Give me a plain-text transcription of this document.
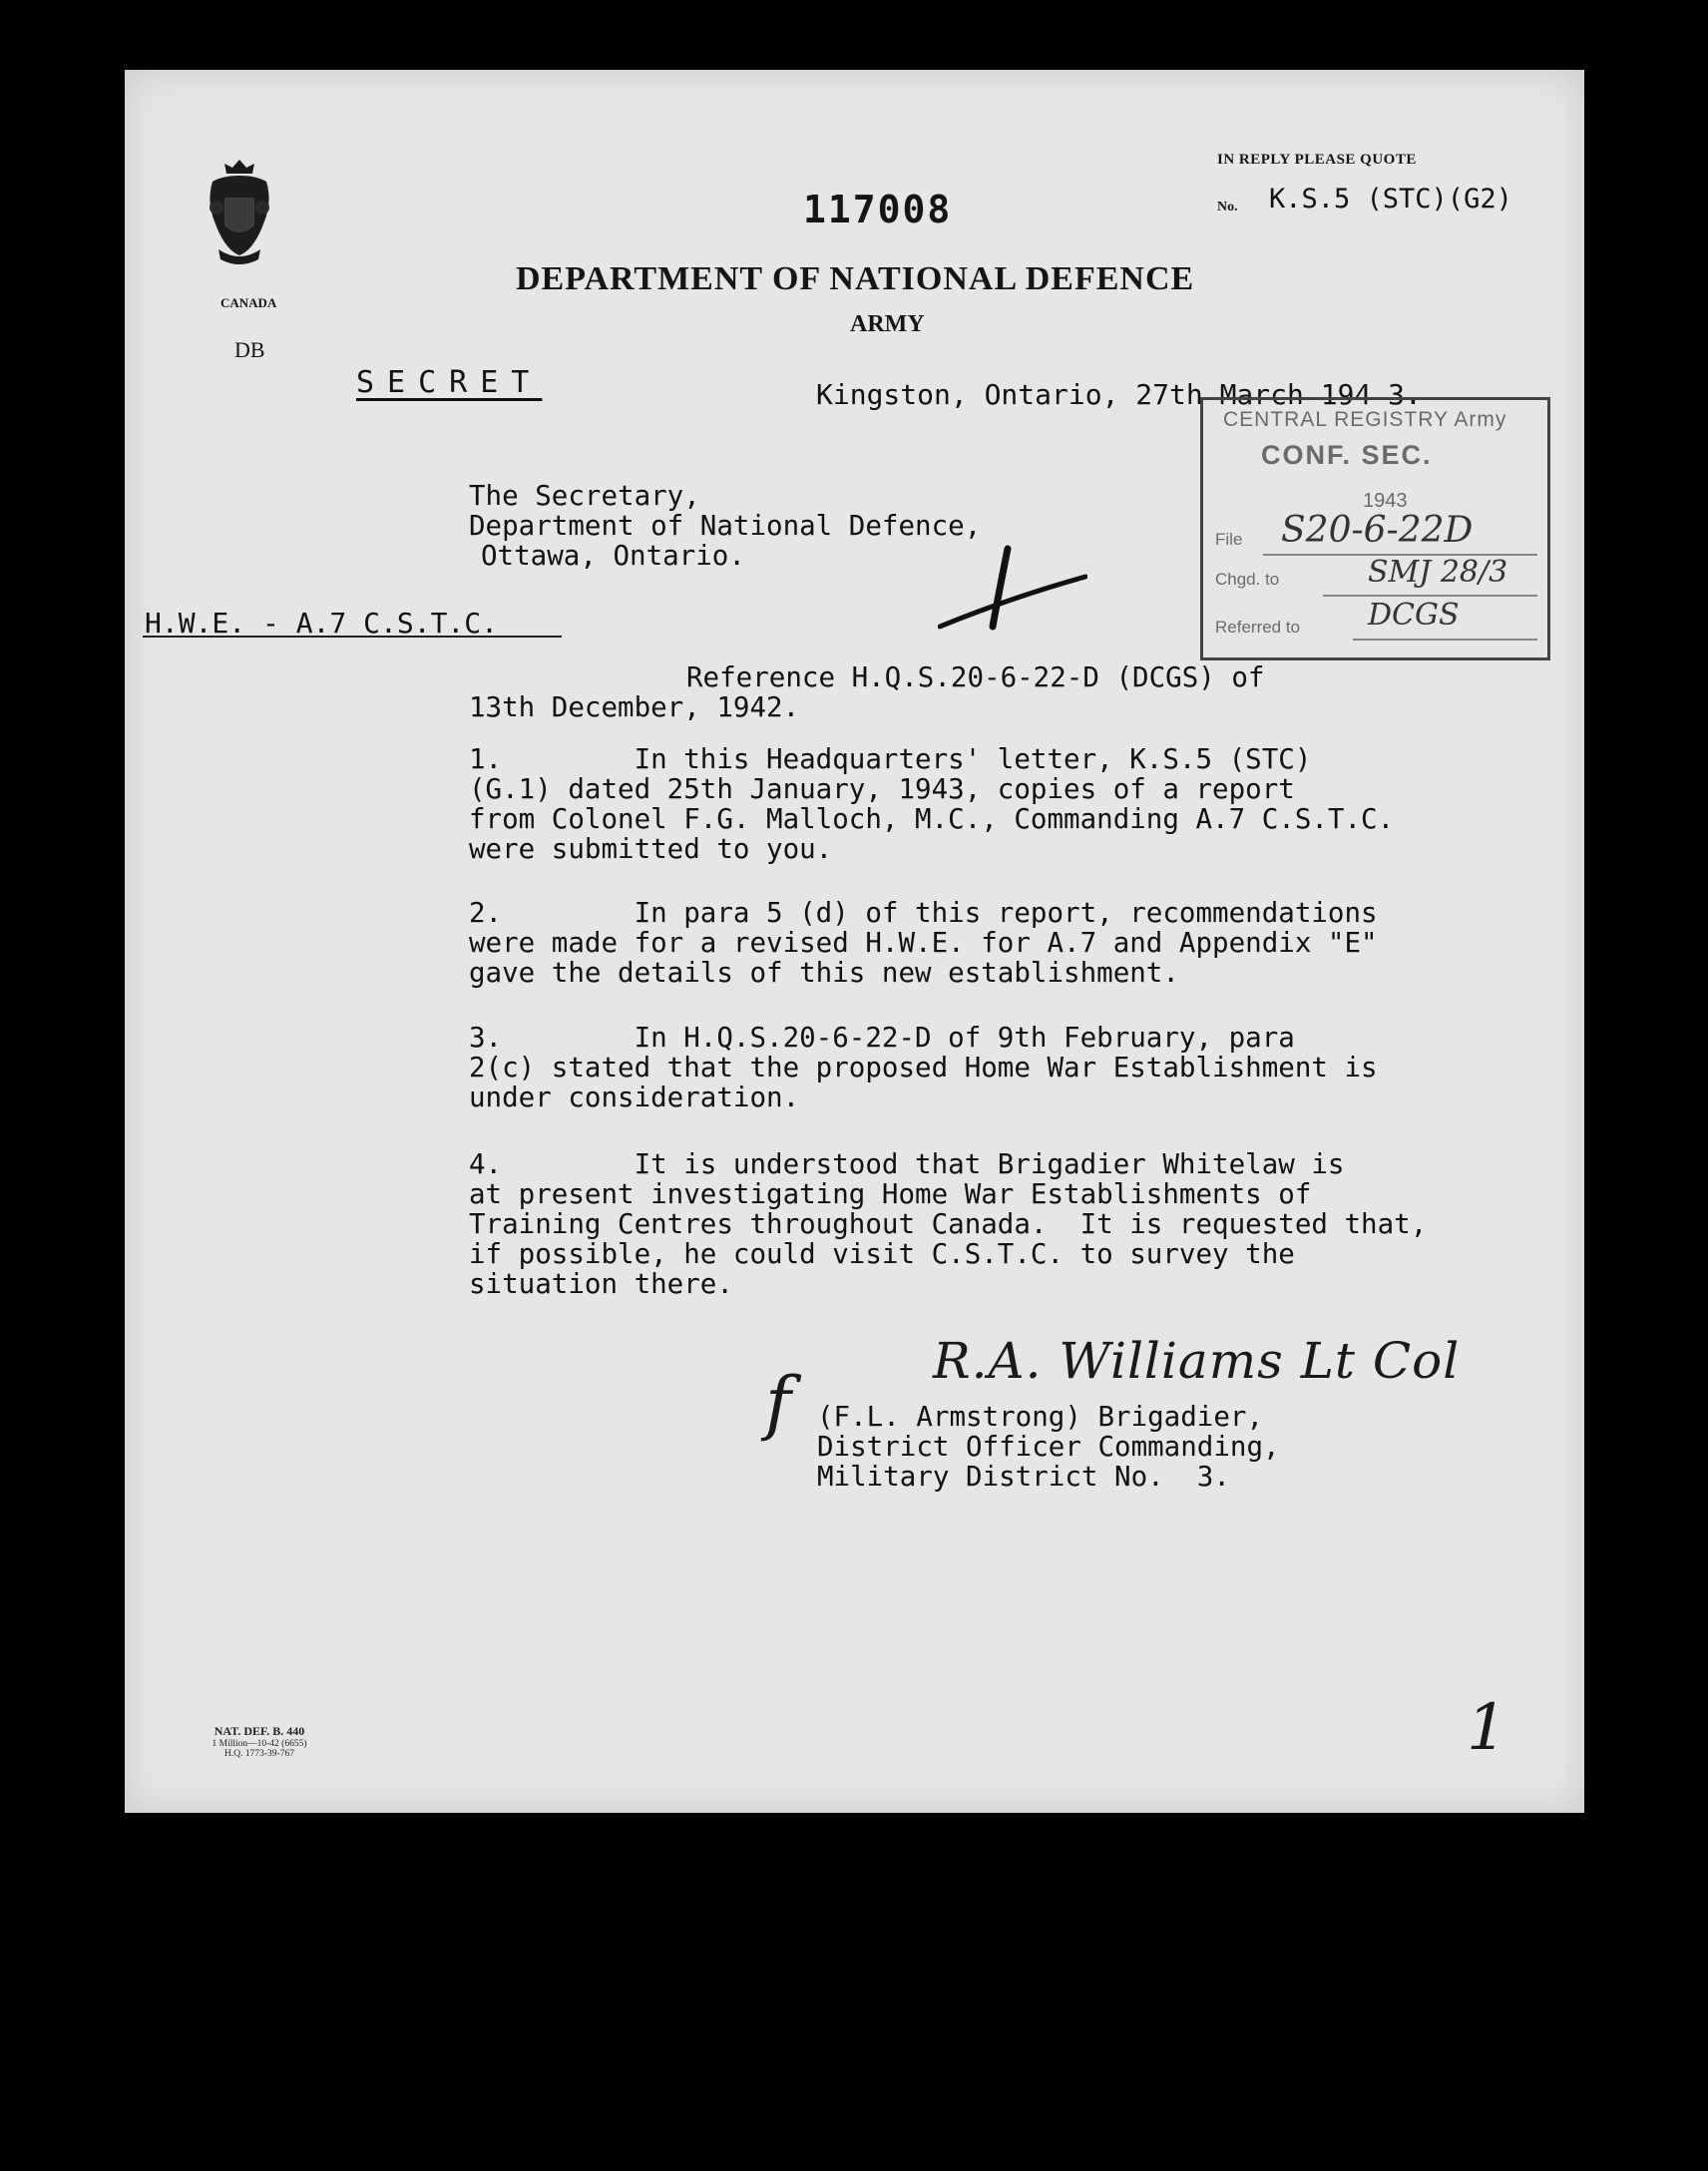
CANADA
DB
117008
IN REPLY PLEASE QUOTE
No. K.S.5 (STC)(G2)
DEPARTMENT OF NATIONAL DEFENCE
ARMY
SECRET	Kingston, Ontario, 27th March 194 3.
CENTRAL REGISTRY Army
CONF. SEC.
1943
File S20-6-22D
Chgd. to	SMJ 28/3
Referred to DCGS
The Secretary,
Department of National Defence,
Ottawa, Ontario.
H.W.E. - A.7 C.S.T.C.
Reference H.Q.S.20-6-22-D (DCGS) of
13th December, 1942.
1.        In this Headquarters' letter, K.S.5 (STC)
(G.1) dated 25th January, 1943, copies of a report
from Colonel F.G. Malloch, M.C., Commanding A.7 C.S.T.C.
were submitted to you.
2.        In para 5 (d) of this report, recommendations
were made for a revised H.W.E. for A.7 and Appendix "E"
gave the details of this new establishment.
3.        In H.Q.S.20-6-22-D of 9th February, para
2(c) stated that the proposed Home War Establishment is
under consideration.
4.        It is understood that Brigadier Whitelaw is
at present investigating Home War Establishments of
Training Centres throughout Canada.  It is requested that,
if possible, he could visit C.S.T.C. to survey the
situation there.
R.A. Williams Lt Col
f (F.L. Armstrong) Brigadier,
District Officer Commanding,
Military District No.  3.
NAT. DEF. B. 440
1 Million—10-42 (6655)
H.Q. 1773-39-767	1
